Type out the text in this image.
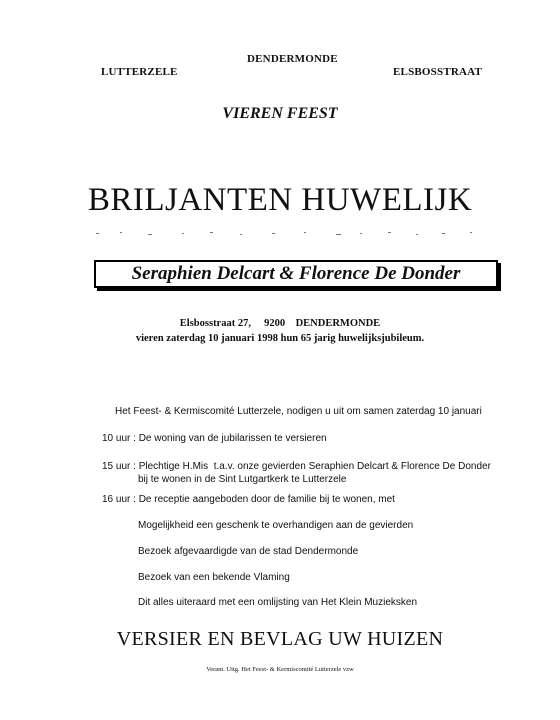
LUTTERZELE
DENDERMONDE
ELSBOSSTRAAT
VIEREN FEEST
BRILJANTEN HUWELIJK
Seraphien Delcart & Florence De Donder
Elsbosstraat 27,     9200    DENDERMONDE
vieren zaterdag 10 januari 1998 hun 65 jarig huwelijksjubileum.
Het Feest- & Kermiscomité Lutterzele, nodigen u uit om samen zaterdag 10 januari
10 uur : De woning van de jubilarissen te versieren
15 uur : Plechtige H.Mis  t.a.v. onze gevierden Seraphien Delcart & Florence De Donder
bij te wonen in de Sint Lutgartkerk te Lutterzele
16 uur : De receptie aangeboden door de familie bij te wonen, met
Mogelijkheid een geschenk te overhandigen aan de gevierden
Bezoek afgevaardigde van de stad Dendermonde
Bezoek van een bekende Vlaming
Dit alles uiteraard met een omlijsting van Het Klein Muzieksken
VERSIER EN BEVLAG UW HUIZEN
Verant. Uitg. Het Feest- & Kermiscomité Lutterzele vzw
